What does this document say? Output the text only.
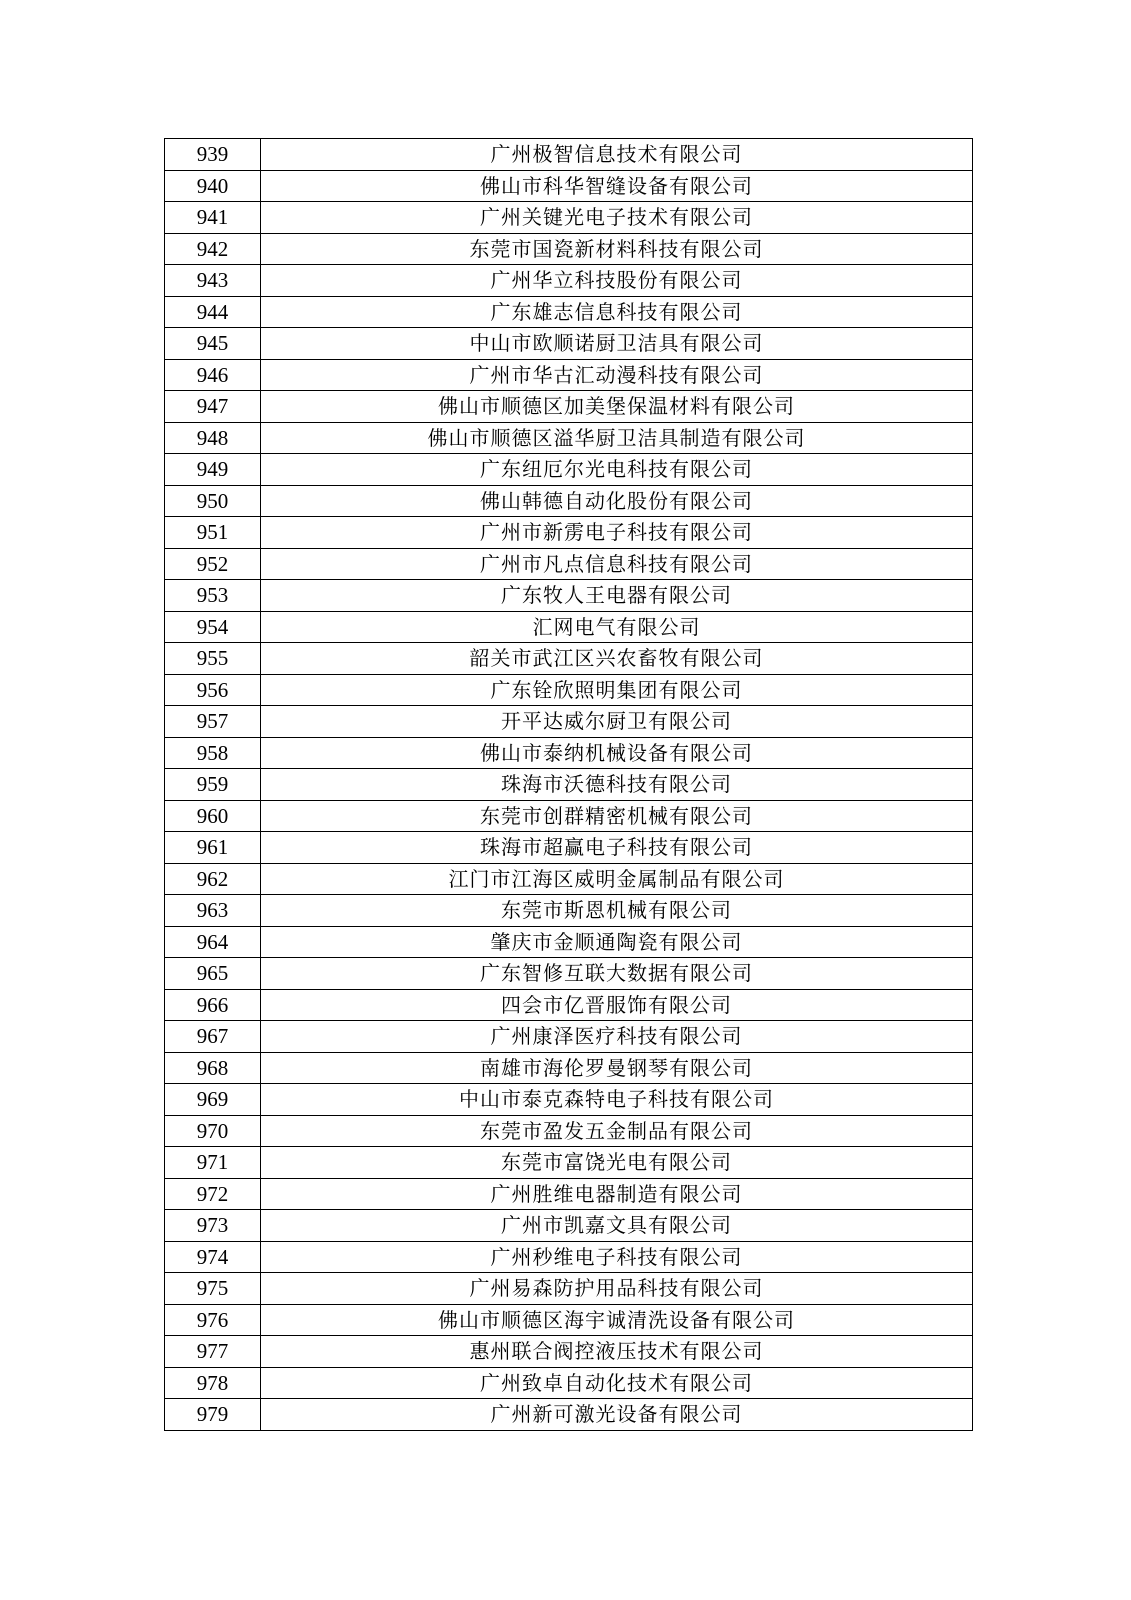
939	广州极智信息技术有限公司
940	佛山市科华智缝设备有限公司
941	广州关键光电子技术有限公司
942	东莞市国瓷新材料科技有限公司
943	广州华立科技股份有限公司
944	广东雄志信息科技有限公司
945	中山市欧顺诺厨卫洁具有限公司
946	广州市华古汇动漫科技有限公司
947	佛山市顺德区加美堡保温材料有限公司
948	佛山市顺德区溢华厨卫洁具制造有限公司
949	广东纽厄尔光电科技有限公司
950	佛山韩德自动化股份有限公司
951	广州市新雳电子科技有限公司
952	广州市凡点信息科技有限公司
953	广东牧人王电器有限公司
954	汇网电气有限公司
955	韶关市武江区兴农畜牧有限公司
956	广东铨欣照明集团有限公司
957	开平达威尔厨卫有限公司
958	佛山市泰纳机械设备有限公司
959	珠海市沃德科技有限公司
960	东莞市创群精密机械有限公司
961	珠海市超赢电子科技有限公司
962	江门市江海区威明金属制品有限公司
963	东莞市斯恩机械有限公司
964	肇庆市金顺通陶瓷有限公司
965	广东智修互联大数据有限公司
966	四会市亿晋服饰有限公司
967	广州康泽医疗科技有限公司
968	南雄市海伦罗曼钢琴有限公司
969	中山市泰克森特电子科技有限公司
970	东莞市盈发五金制品有限公司
971	东莞市富饶光电有限公司
972	广州胜维电器制造有限公司
973	广州市凯嘉文具有限公司
974	广州秒维电子科技有限公司
975	广州易森防护用品科技有限公司
976	佛山市顺德区海宇诚清洗设备有限公司
977	惠州联合阀控液压技术有限公司
978	广州致卓自动化技术有限公司
979	广州新可激光设备有限公司
